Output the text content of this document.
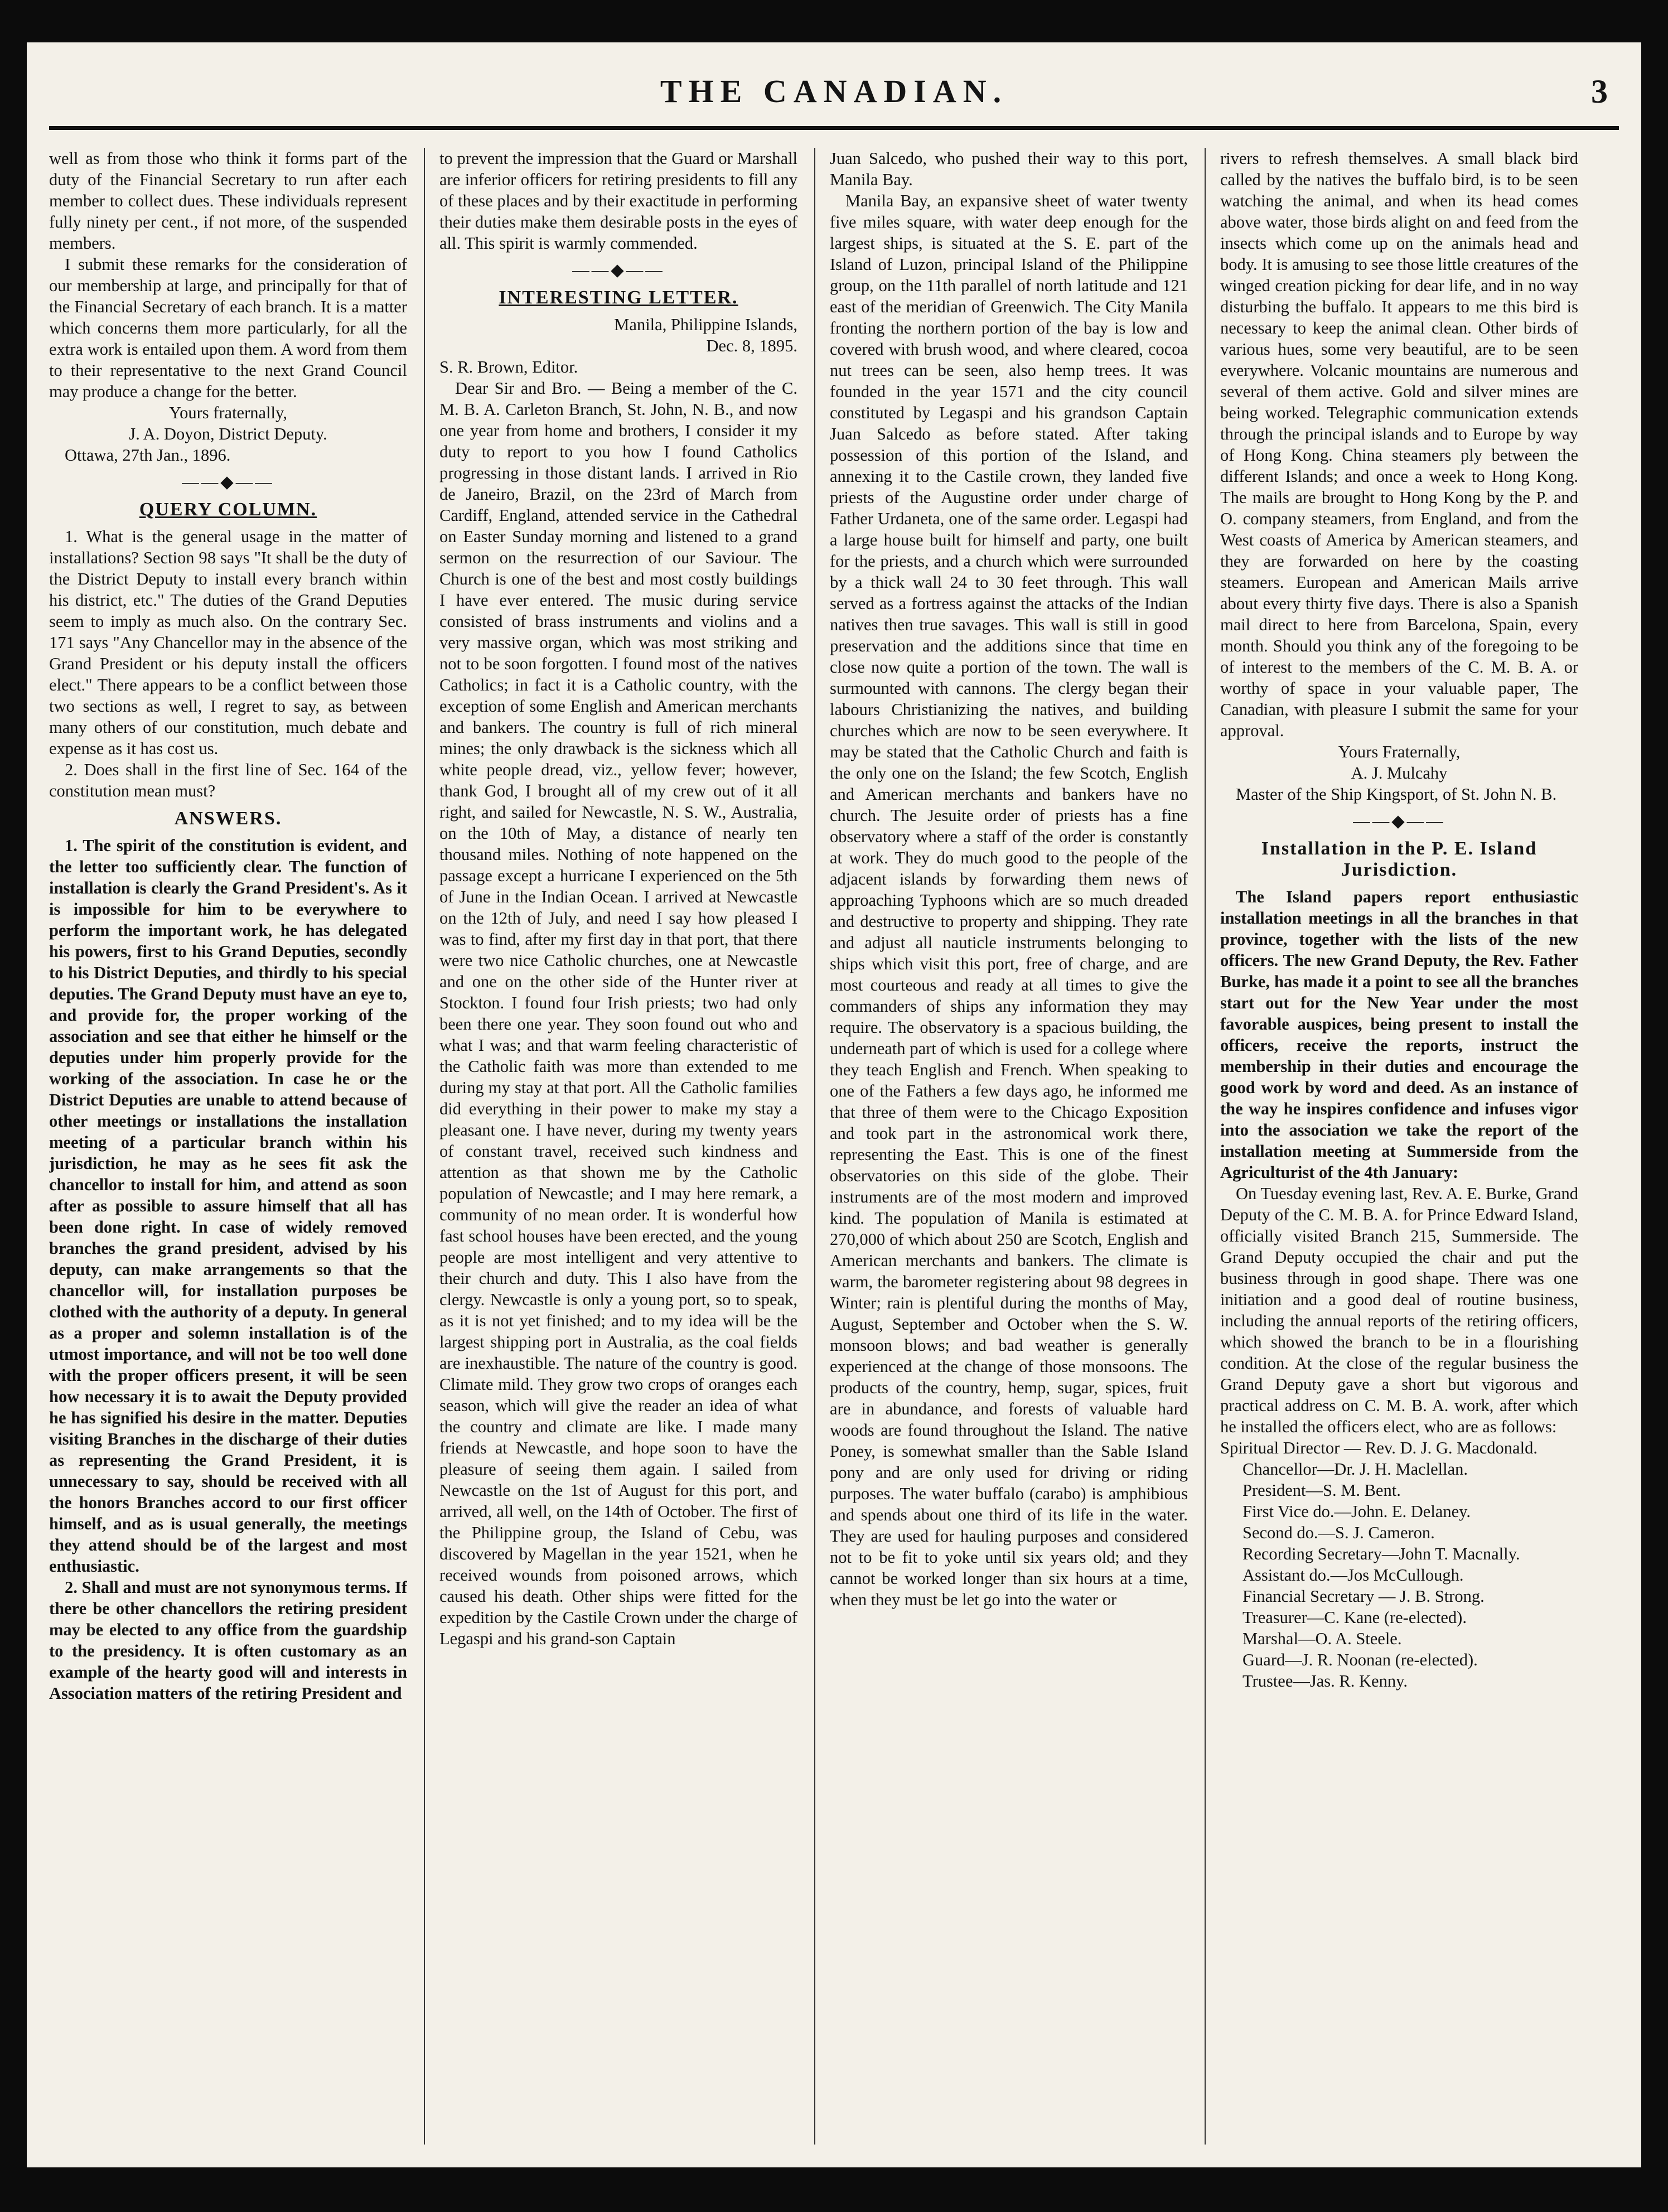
THE CANADIAN.	3

well as from those who think it forms part of the duty of the Financial Secretary to run after each member to collect dues. These individuals represent fully ninety per cent., if not more, of the suspended members.

I submit these remarks for the consideration of our membership at large, and principally for that of the Financial Secretary of each branch. It is a matter which concerns them more particularly, for all the extra work is entailed upon them. A word from them to their representative to the next Grand Council may produce a change for the better.

Yours fraternally,

J. A. Doyon, District Deputy.

Ottawa, 27th Jan., 1896.

——◆——
QUERY COLUMN.

1. What is the general usage in the matter of installations? Section 98 says "It shall be the duty of the District Deputy to install every branch within his district, etc." The duties of the Grand Deputies seem to imply as much also. On the contrary Sec. 171 says "Any Chancellor may in the absence of the Grand President or his deputy install the officers elect." There appears to be a conflict between those two sections as well, I regret to say, as between many others of our constitution, much debate and expense as it has cost us.

2. Does shall in the first line of Sec. 164 of the constitution mean must?

ANSWERS.

1. The spirit of the constitution is evident, and the letter too sufficiently clear. The function of installation is clearly the Grand President's. As it is impossible for him to be everywhere to perform the important work, he has delegated his powers, first to his Grand Deputies, secondly to his District Deputies, and thirdly to his special deputies. The Grand Deputy must have an eye to, and provide for, the proper working of the association and see that either he himself or the deputies under him properly provide for the working of the association. In case he or the District Deputies are unable to attend because of other meetings or installations the installation meeting of a particular branch within his jurisdiction, he may as he sees fit ask the chancellor to install for him, and attend as soon after as possible to assure himself that all has been done right. In case of widely removed branches the grand president, advised by his deputy, can make arrangements so that the chancellor will, for installation purposes be clothed with the authority of a deputy. In general as a proper and solemn installation is of the utmost importance, and will not be too well done with the proper officers present, it will be seen how necessary it is to await the Deputy provided he has signified his desire in the matter. Deputies visiting Branches in the discharge of their duties as representing the Grand President, it is unnecessary to say, should be received with all the honors Branches accord to our first officer himself, and as is usual generally, the meetings they attend should be of the largest and most enthusiastic.

2. Shall and must are not synonymous terms. If there be other chancellors the retiring president may be elected to any office from the guardship to the presidency. It is often customary as an example of the hearty good will and interests in Association matters of the retiring President and

to prevent the impression that the Guard or Marshall are inferior officers for retiring presidents to fill any of these places and by their exactitude in performing their duties make them desirable posts in the eyes of all. This spirit is warmly commended.

——◆——
INTERESTING LETTER.

Manila, Philippine Islands,

Dec. 8, 1895.

S. R. Brown, Editor.

Dear Sir and Bro. — Being a member of the C. M. B. A. Carleton Branch, St. John, N. B., and now one year from home and brothers, I consider it my duty to report to you how I found Catholics progressing in those distant lands. I arrived in Rio de Janeiro, Brazil, on the 23rd of March from Cardiff, England, attended service in the Cathedral on Easter Sunday morning and listened to a grand sermon on the resurrection of our Saviour. The Church is one of the best and most costly buildings I have ever entered. The music during service consisted of brass instruments and violins and a very massive organ, which was most striking and not to be soon forgotten. I found most of the natives Catholics; in fact it is a Catholic country, with the exception of some English and American merchants and bankers. The country is full of rich mineral mines; the only drawback is the sickness which all white people dread, viz., yellow fever; however, thank God, I brought all of my crew out of it all right, and sailed for Newcastle, N. S. W., Australia, on the 10th of May, a distance of nearly ten thousand miles. Nothing of note happened on the passage except a hurricane I experienced on the 5th of June in the Indian Ocean. I arrived at Newcastle on the 12th of July, and need I say how pleased I was to find, after my first day in that port, that there were two nice Catholic churches, one at Newcastle and one on the other side of the Hunter river at Stockton. I found four Irish priests; two had only been there one year. They soon found out who and what I was; and that warm feeling characteristic of the Catholic faith was more than extended to me during my stay at that port. All the Catholic families did everything in their power to make my stay a pleasant one. I have never, during my twenty years of constant travel, received such kindness and attention as that shown me by the Catholic population of Newcastle; and I may here remark, a community of no mean order. It is wonderful how fast school houses have been erected, and the young people are most intelligent and very attentive to their church and duty. This I also have from the clergy. Newcastle is only a young port, so to speak, as it is not yet finished; and to my idea will be the largest shipping port in Australia, as the coal fields are inexhaustible. The nature of the country is good. Climate mild. They grow two crops of oranges each season, which will give the reader an idea of what the country and climate are like. I made many friends at Newcastle, and hope soon to have the pleasure of seeing them again. I sailed from Newcastle on the 1st of August for this port, and arrived, all well, on the 14th of October. The first of the Philippine group, the Island of Cebu, was discovered by Magellan in the year 1521, when he received wounds from poisoned arrows, which caused his death. Other ships were fitted for the expedition by the Castile Crown under the charge of Legaspi and his grand-son Captain

Juan Salcedo, who pushed their way to this port, Manila Bay.

Manila Bay, an expansive sheet of water twenty five miles square, with water deep enough for the largest ships, is situated at the S. E. part of the Island of Luzon, principal Island of the Philippine group, on the 11th parallel of north latitude and 121 east of the meridian of Greenwich. The City Manila fronting the northern portion of the bay is low and covered with brush wood, and where cleared, cocoa nut trees can be seen, also hemp trees. It was founded in the year 1571 and the city council constituted by Legaspi and his grandson Captain Juan Salcedo as before stated. After taking possession of this portion of the Island, and annexing it to the Castile crown, they landed five priests of the Augustine order under charge of Father Urdaneta, one of the same order. Legaspi had a large house built for himself and party, one built for the priests, and a church which were surrounded by a thick wall 24 to 30 feet through. This wall served as a fortress against the attacks of the Indian natives then true savages. This wall is still in good preservation and the additions since that time en close now quite a portion of the town. The wall is surmounted with cannons. The clergy began their labours Christianizing the natives, and building churches which are now to be seen everywhere. It may be stated that the Catholic Church and faith is the only one on the Island; the few Scotch, English and American merchants and bankers have no church. The Jesuite order of priests has a fine observatory where a staff of the order is constantly at work. They do much good to the people of the adjacent islands by forwarding them news of approaching Typhoons which are so much dreaded and destructive to property and shipping. They rate and adjust all nauticle instruments belonging to ships which visit this port, free of charge, and are most courteous and ready at all times to give the commanders of ships any information they may require. The observatory is a spacious building, the underneath part of which is used for a college where they teach English and French. When speaking to one of the Fathers a few days ago, he informed me that three of them were to the Chicago Exposition and took part in the astronomical work there, representing the East. This is one of the finest observatories on this side of the globe. Their instruments are of the most modern and improved kind. The population of Manila is estimated at 270,000 of which about 250 are Scotch, English and American merchants and bankers. The climate is warm, the barometer registering about 98 degrees in Winter; rain is plentiful during the months of May, August, September and October when the S. W. monsoon blows; and bad weather is generally experienced at the change of those monsoons. The products of the country, hemp, sugar, spices, fruit are in abundance, and forests of valuable hard woods are found throughout the Island. The native Poney, is somewhat smaller than the Sable Island pony and are only used for driving or riding purposes. The water buffalo (carabo) is amphibious and spends about one third of its life in the water. They are used for hauling purposes and considered not to be fit to yoke until six years old; and they cannot be worked longer than six hours at a time, when they must be let go into the water or

rivers to refresh themselves. A small black bird called by the natives the buffalo bird, is to be seen watching the animal, and when its head comes above water, those birds alight on and feed from the insects which come up on the animals head and body. It is amusing to see those little creatures of the winged creation picking for dear life, and in no way disturbing the buffalo. It appears to me this bird is necessary to keep the animal clean. Other birds of various hues, some very beautiful, are to be seen everywhere. Volcanic mountains are numerous and several of them active. Gold and silver mines are being worked. Telegraphic communication extends through the principal islands and to Europe by way of Hong Kong. China steamers ply between the different Islands; and once a week to Hong Kong. The mails are brought to Hong Kong by the P. and O. company steamers, from England, and from the West coasts of America by American steamers, and they are forwarded on here by the coasting steamers. European and American Mails arrive about every thirty five days. There is also a Spanish mail direct to here from Barcelona, Spain, every month. Should you think any of the foregoing to be of interest to the members of the C. M. B. A. or worthy of space in your valuable paper, The Canadian, with pleasure I submit the same for your approval.

Yours Fraternally,

A. J. Mulcahy

Master of the Ship Kingsport, of St. John N. B.

——◆——
Installation in the P. E. Island Jurisdiction.

The Island papers report enthusiastic installation meetings in all the branches in that province, together with the lists of the new officers. The new Grand Deputy, the Rev. Father Burke, has made it a point to see all the branches start out for the New Year under the most favorable auspices, being present to install the officers, receive the reports, instruct the membership in their duties and encourage the good work by word and deed. As an instance of the way he inspires confidence and infuses vigor into the association we take the report of the installation meeting at Summerside from the Agriculturist of the 4th January:

On Tuesday evening last, Rev. A. E. Burke, Grand Deputy of the C. M. B. A. for Prince Edward Island, officially visited Branch 215, Summerside. The Grand Deputy occupied the chair and put the business through in good shape. There was one initiation and a good deal of routine business, including the annual reports of the retiring officers, which showed the branch to be in a flourishing condition. At the close of the regular business the Grand Deputy gave a short but vigorous and practical address on C. M. B. A. work, after which he installed the officers elect, who are as follows:

Spiritual Director — Rev. D. J. G. Macdonald.

Chancellor—Dr. J. H. Maclellan.

President—S. M. Bent.

First Vice do.—John. E. Delaney.

Second do.—S. J. Cameron.

Recording Secretary—John T. Macnally.

Assistant do.—Jos McCullough.

Financial Secretary — J. B. Strong.

Treasurer—C. Kane (re-elected).

Marshal—O. A. Steele.

Guard—J. R. Noonan (re-elected).

Trustee—Jas. R. Kenny.
